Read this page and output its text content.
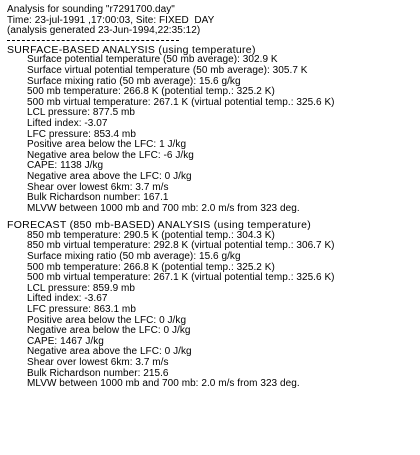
Analysis for sounding "r7291700.day"
Time: 23-jul-1991 ,17:00:03, Site: FIXED  DAY
(analysis generated 23-Jun-1994,22:35:12)
SURFACE-BASED ANALYSIS (using temperature)
Surface potential temperature (50 mb average): 302.9 K
Surface virtual potential temperature (50 mb average): 305.7 K
Surface mixing ratio (50 mb average): 15.6 g/kg
500 mb temperature: 266.8 K (potential temp.: 325.2 K)
500 mb virtual temperature: 267.1 K (virtual potential temp.: 325.6 K)
LCL pressure: 877.5 mb
Lifted index: -3.07
LFC pressure: 853.4 mb
Positive area below the LFC: 1 J/kg
Negative area below the LFC: -6 J/kg
CAPE: 1138 J/kg
Negative area above the LFC: 0 J/kg
Shear over lowest 6km: 3.7 m/s
Bulk Richardson number: 167.1
MLVW between 1000 mb and 700 mb: 2.0 m/s from 323 deg.
FORECAST (850 mb-BASED) ANALYSIS (using temperature)
850 mb temperature: 290.5 K (potential temp.: 304.3 K)
850 mb virtual temperature: 292.8 K (virtual potential temp.: 306.7 K)
Surface mixing ratio (50 mb average): 15.6 g/kg
500 mb temperature: 266.8 K (potential temp.: 325.2 K)
500 mb virtual temperature: 267.1 K (virtual potential temp.: 325.6 K)
LCL pressure: 859.9 mb
Lifted index: -3.67
LFC pressure: 863.1 mb
Positive area below the LFC: 0 J/kg
Negative area below the LFC: 0 J/kg
CAPE: 1467 J/kg
Negative area above the LFC: 0 J/kg
Shear over lowest 6km: 3.7 m/s
Bulk Richardson number: 215.6
MLVW between 1000 mb and 700 mb: 2.0 m/s from 323 deg.
